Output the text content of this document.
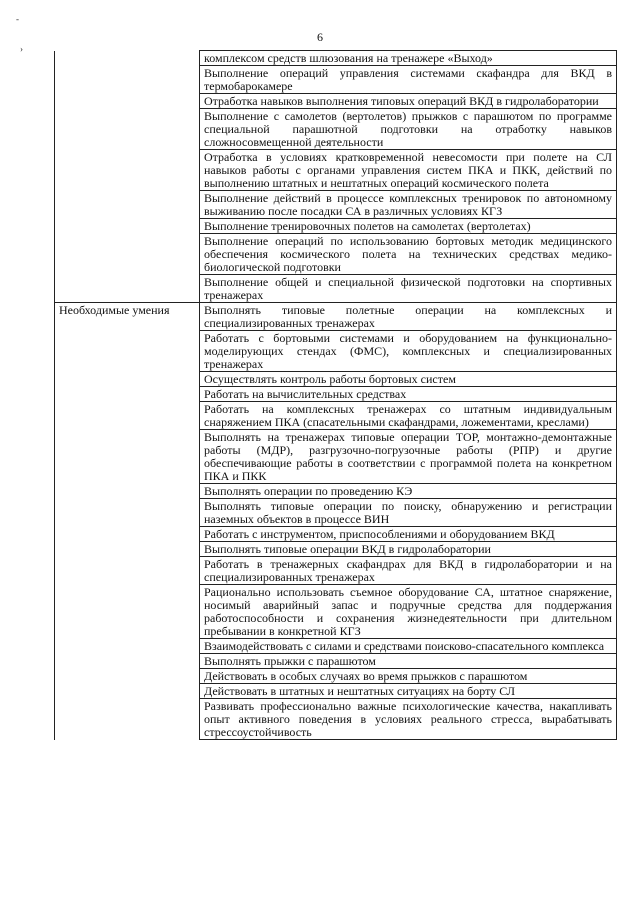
6
-
›
	комплексом средств шлюзования на тренажере «Выход»
	Выполнение операций управления системами скафандра для ВКД в термобарокамере
	Отработка навыков выполнения типовых операций ВКД в гидролаборатории
	Выполнение с самолетов (вертолетов) прыжков с парашютом по программе специальной парашютной подготовки на отработку навыков сложносовмещенной деятельности
	Отработка в условиях кратковременной невесомости при полете на СЛ навыков работы с органами управления систем ПКА и ПКК, действий по выполнению штатных и нештатных операций космического полета
	Выполнение действий в процессе комплексных тренировок по автономному выживанию после посадки СА в различных условиях КГЗ
	Выполнение тренировочных полетов на самолетах (вертолетах)
	Выполнение операций по использованию бортовых методик медицинского обеспечения космического полета на технических средствах медико-биологической подготовки
	Выполнение общей и специальной физической подготовки на спортивных тренажерах
Необходимые умения	Выполнять типовые полетные операции на комплексных и специализированных тренажерах
	Работать с бортовыми системами и оборудованием на функционально-моделирующих стендах (ФМС), комплексных и специализированных тренажерах
	Осуществлять контроль работы бортовых систем
	Работать на вычислительных средствах
	Работать на комплексных тренажерах со штатным индивидуальным снаряжением ПКА (спасательными скафандрами, ложементами, креслами)
	Выполнять на тренажерах типовые операции ТОР, монтажно-демонтажные работы (МДР), разгрузочно-погрузочные работы (РПР) и другие обеспечивающие работы в соответствии с программой полета на конкретном ПКА и ПКК
	Выполнять операции по проведению КЭ
	Выполнять типовые операции по поиску, обнаружению и регистрации наземных объектов в процессе ВИН
	Работать с инструментом, приспособлениями и оборудованием ВКД
	Выполнять типовые операции ВКД в гидролаборатории
	Работать в тренажерных скафандрах для ВКД в гидролаборатории и на специализированных тренажерах
	Рационально использовать съемное оборудование СА, штатное снаряжение, носимый аварийный запас и подручные средства для поддержания работоспособности и сохранения жизнедеятельности при длительном пребывании в конкретной КГЗ
	Взаимодействовать с силами и средствами поисково-спасательного комплекса
	Выполнять прыжки с парашютом
	Действовать в особых случаях во время прыжков с парашютом
	Действовать в штатных и нештатных ситуациях на борту СЛ
	Развивать профессионально важные психологические качества, накапливать опыт активного поведения в условиях реального стресса, вырабатывать стрессоустойчивость
